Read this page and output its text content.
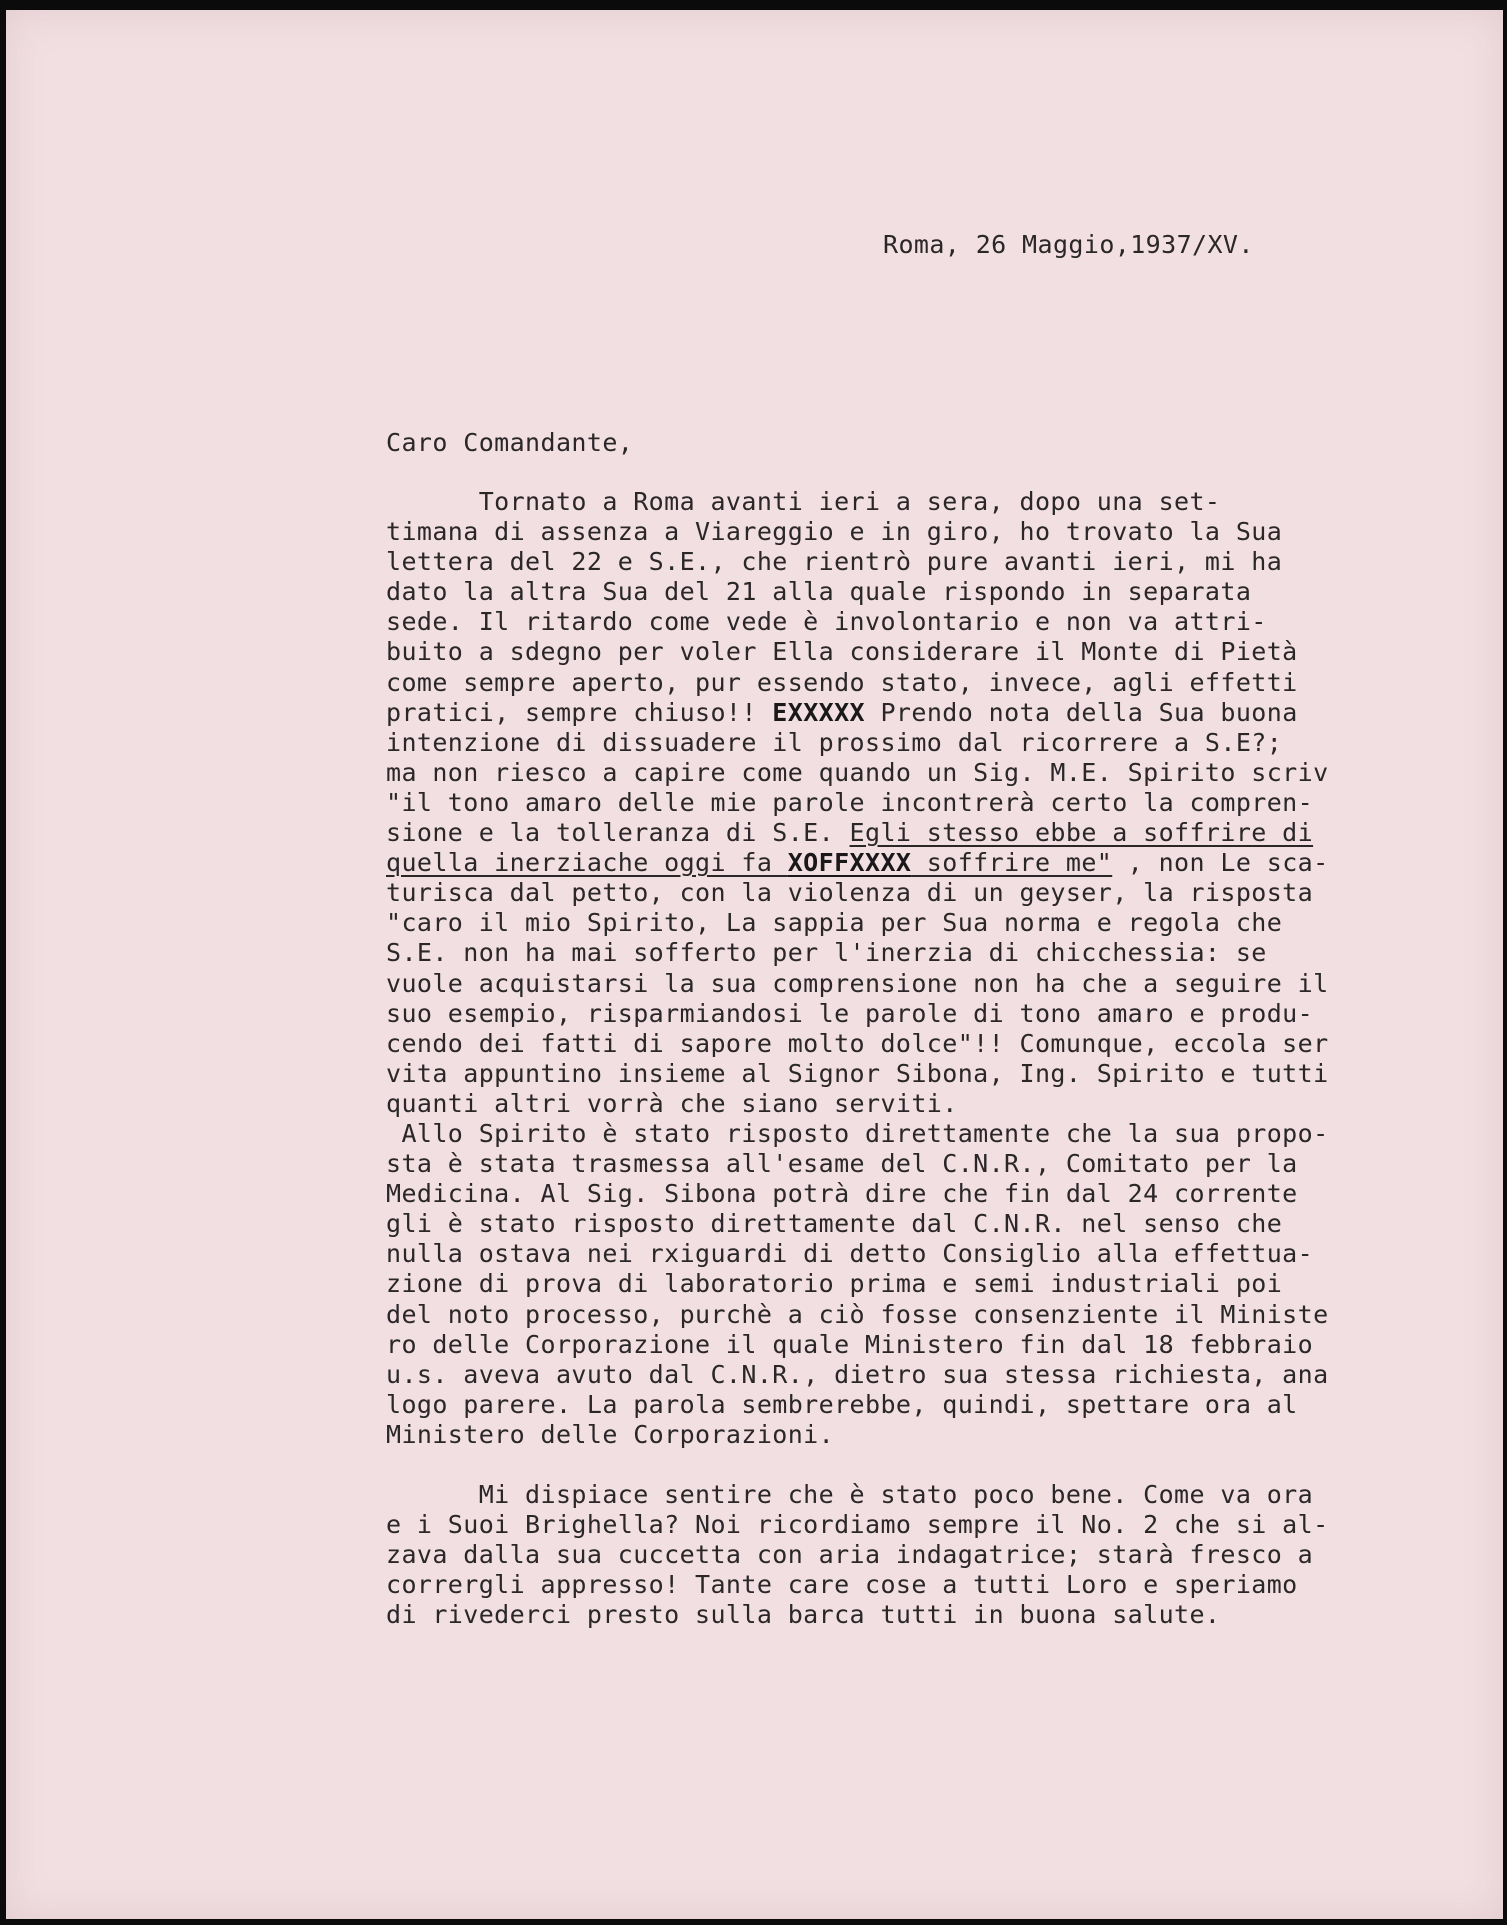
Roma, 26 Maggio,1937/XV.
Caro Comandante,
Tornato a Roma avanti ieri a sera, dopo una set-
timana di assenza a Viareggio e in giro, ho trovato la Sua
lettera del 22 e S.E., che rientrò pure avanti ieri, mi ha
dato la altra Sua del 21 alla quale rispondo in separata
sede. Il ritardo come vede è involontario e non va attri-
buito a sdegno per voler Ella considerare il Monte di Pietà
come sempre aperto, pur essendo stato, invece, agli effetti
pratici, sempre chiuso!! EXXXXX Prendo nota della Sua buona
intenzione di dissuadere il prossimo dal ricorrere a S.E?;
ma non riesco a capire come quando un Sig. M.E. Spirito scriv
"il tono amaro delle mie parole incontrerà certo la compren-
sione e la tolleranza di S.E. Egli stesso ebbe a soffrire di
quella inerziache oggi fa XOFFXXXX soffrire me" , non Le sca-
turisca dal petto, con la violenza di un geyser, la risposta
"caro il mio Spirito, La sappia per Sua norma e regola che
S.E. non ha mai sofferto per l'inerzia di chicchessia: se
vuole acquistarsi la sua comprensione non ha che a seguire il
suo esempio, risparmiandosi le parole di tono amaro e produ-
cendo dei fatti di sapore molto dolce"!! Comunque, eccola ser
vita appuntino insieme al Signor Sibona, Ing. Spirito e tutti
quanti altri vorrà che siano serviti.
Allo Spirito è stato risposto direttamente che la sua propo-
sta è stata trasmessa all'esame del C.N.R., Comitato per la
Medicina. Al Sig. Sibona potrà dire che fin dal 24 corrente
gli è stato risposto direttamente dal C.N.R. nel senso che
nulla ostava nei rxiguardi di detto Consiglio alla effettua-
zione di prova di laboratorio prima e semi industriali poi
del noto processo, purchè a ciò fosse consenziente il Ministe
ro delle Corporazione il quale Ministero fin dal 18 febbraio
u.s. aveva avuto dal C.N.R., dietro sua stessa richiesta, ana
logo parere. La parola sembrerebbe, quindi, spettare ora al
Ministero delle Corporazioni.
Mi dispiace sentire che è stato poco bene. Come va ora
e i Suoi Brighella? Noi ricordiamo sempre il No. 2 che si al-
zava dalla sua cuccetta con aria indagatrice; starà fresco a
corrergli appresso! Tante care cose a tutti Loro e speriamo
di rivederci presto sulla barca tutti in buona salute.
